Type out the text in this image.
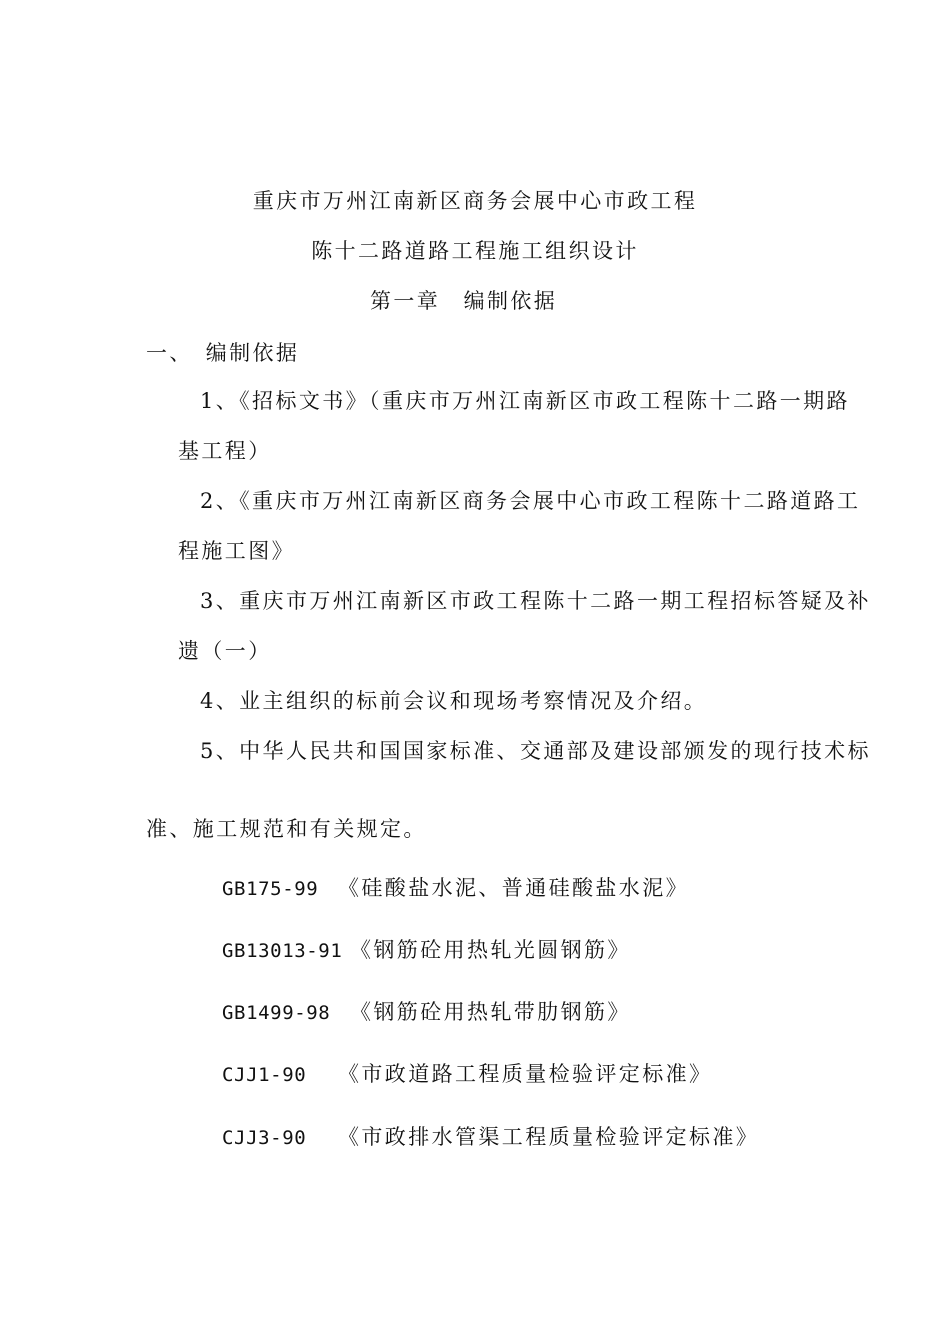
重庆市万州江南新区商务会展中心市政工程
陈十二路道路工程施工组织设计
第一章　编制依据
一、　编制依据
1、《招标文书》（重庆市万州江南新区市政工程陈十二路一期路
基工程）
2、《重庆市万州江南新区商务会展中心市政工程陈十二路道路工
程施工图》
3、重庆市万州江南新区市政工程陈十二路一期工程招标答疑及补
遗（一）
4、业主组织的标前会议和现场考察情况及介绍。
5、中华人民共和国国家标准、交通部及建设部颁发的现行技术标
准、施工规范和有关规定。
GB175-99 《硅酸盐水泥、普通硅酸盐水泥》
GB13013-91 《钢筋砼用热轧光圆钢筋》
GB1499-98 《钢筋砼用热轧带肋钢筋》
CJJ1-90 《市政道路工程质量检验评定标准》
CJJ3-90 《市政排水管渠工程质量检验评定标准》
